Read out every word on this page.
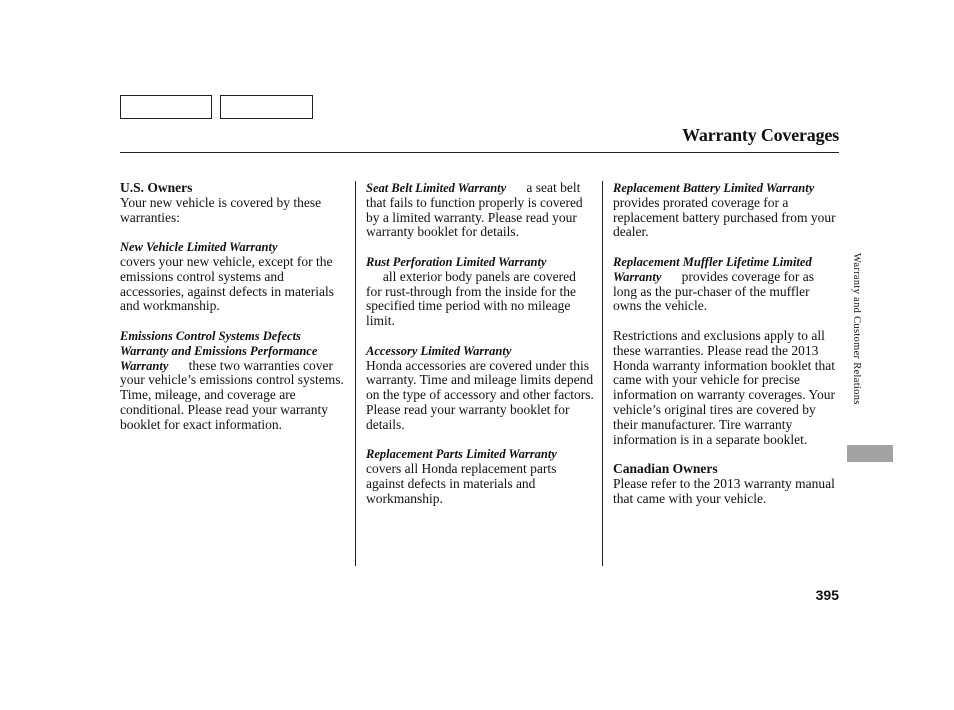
Warranty Coverages

U.S. Owners
Your new vehicle is covered by these warranties:

New Vehicle Limited Warranty
covers your new vehicle, except for the emissions control systems and accessories, against defects in materials and workmanship.

Emissions Control Systems Defects Warranty and Emissions Performance Warranty these two warranties cover your vehicle’s emissions control systems. Time, mileage, and coverage are conditional. Please read your warranty booklet for exact information.

Seat Belt Limited Warranty a seat belt that fails to function properly is covered by a limited warranty. Please read your warranty booklet for details.

Rust Perforation Limited Warranty
all exterior body panels are covered for rust-through from the inside for the specified time period with no mileage limit.

Accessory Limited Warranty
Honda accessories are covered under this warranty. Time and mileage limits depend on the type of accessory and other factors. Please read your warranty booklet for details.

Replacement Parts Limited Warranty      covers all Honda replacement parts against defects in materials and workmanship.

Replacement Battery Limited Warranty      provides prorated coverage for a replacement battery purchased from your dealer.

Replacement Muffler Lifetime Limited Warranty provides coverage for as long as the pur-chaser of the muffler owns the vehicle.

Restrictions and exclusions apply to all these warranties. Please read the 2013 Honda warranty information booklet that came with your vehicle for precise information on warranty coverages. Your vehicle’s original tires are covered by their manufacturer. Tire warranty information is in a separate booklet.

Canadian Owners
Please refer to the 2013 warranty manual that came with your vehicle.

Warranty and Customer Relations
395
